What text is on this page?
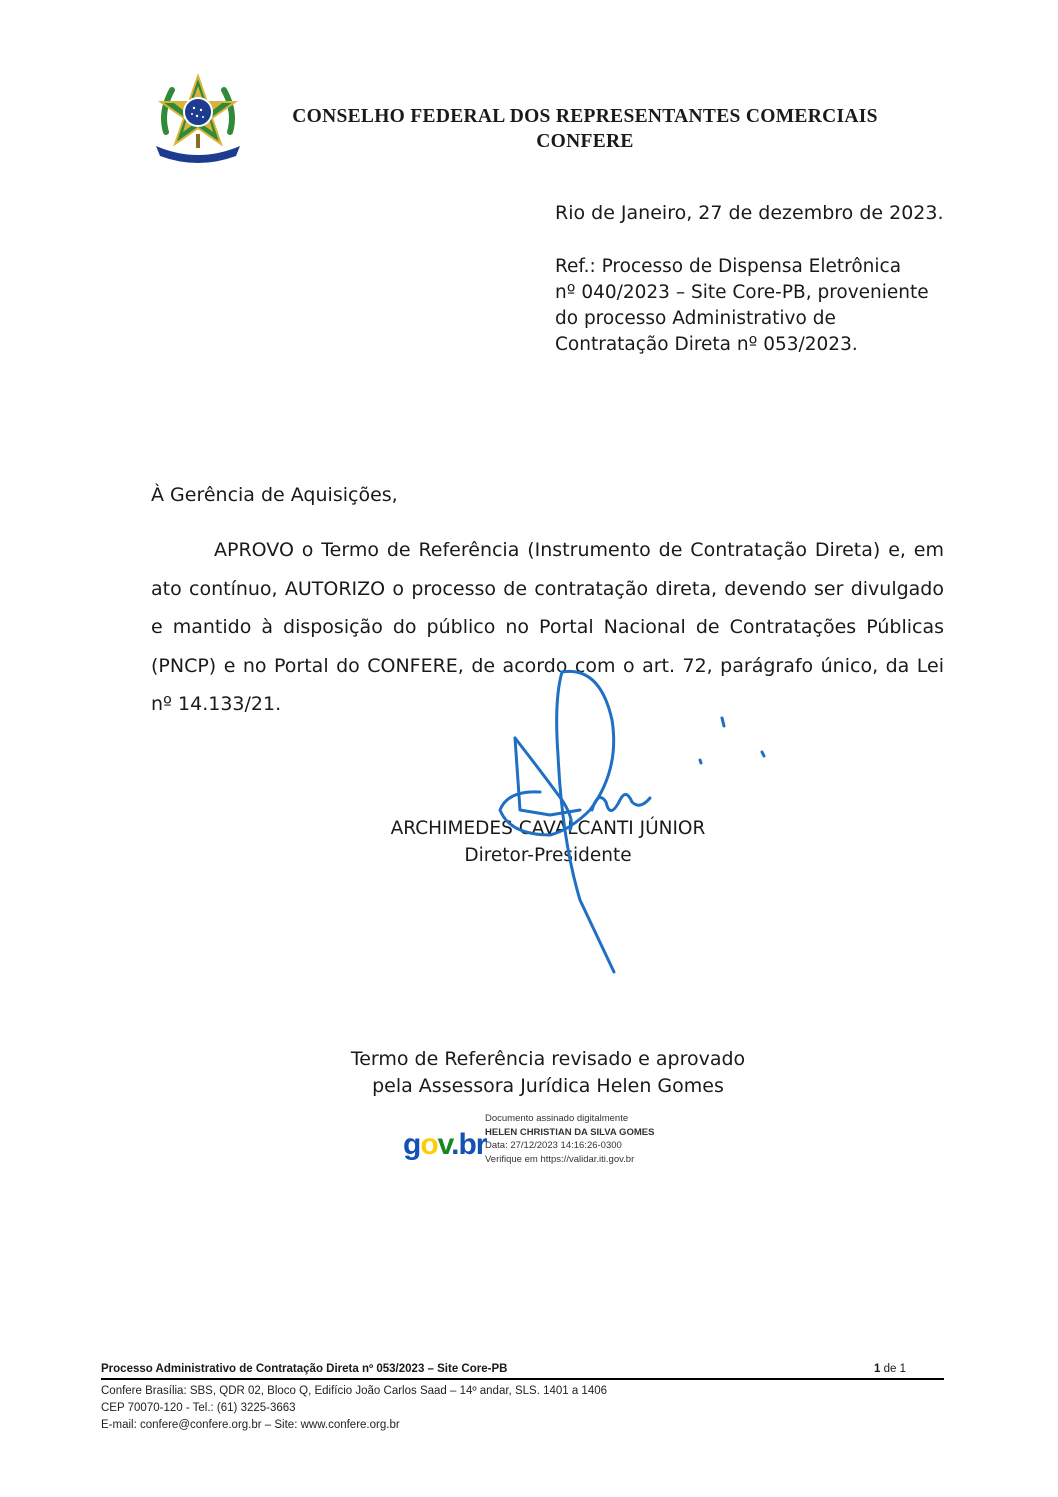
CONSELHO FEDERAL DOS REPRESENTANTES COMERCIAIS
CONFERE
Rio de Janeiro, 27 de dezembro de 2023.
Ref.: Processo de Dispensa Eletrônica
nº 040/2023 – Site Core-PB, proveniente
do processo Administrativo de
Contratação Direta nº 053/2023.
À Gerência de Aquisições,
APROVO o Termo de Referência (Instrumento de Contratação Direta) e, em ato contínuo, AUTORIZO o processo de contratação direta, devendo ser divulgado e mantido à disposição do público no Portal Nacional de Contratações Públicas (PNCP) e no Portal do CONFERE, de acordo com o art. 72, parágrafo único, da Lei nº 14.133/21.
ARCHIMEDES CAVALCANTI JÚNIOR
Diretor-Presidente
Termo de Referência revisado e aprovado
pela Assessora Jurídica Helen Gomes
gov.br
Documento assinado digitalmente
HELEN CHRISTIAN DA SILVA GOMES
Data: 27/12/2023 14:16:26-0300
Verifique em https://validar.iti.gov.br
Processo Administrativo de Contratação Direta nº 053/2023 – Site Core-PB	1 de 1
Confere Brasília: SBS, QDR 02, Bloco Q, Edifício João Carlos Saad – 14º andar, SLS. 1401 a 1406
CEP 70070-120 - Tel.: (61) 3225-3663
E-mail: confere@confere.org.br – Site: www.confere.org.br
